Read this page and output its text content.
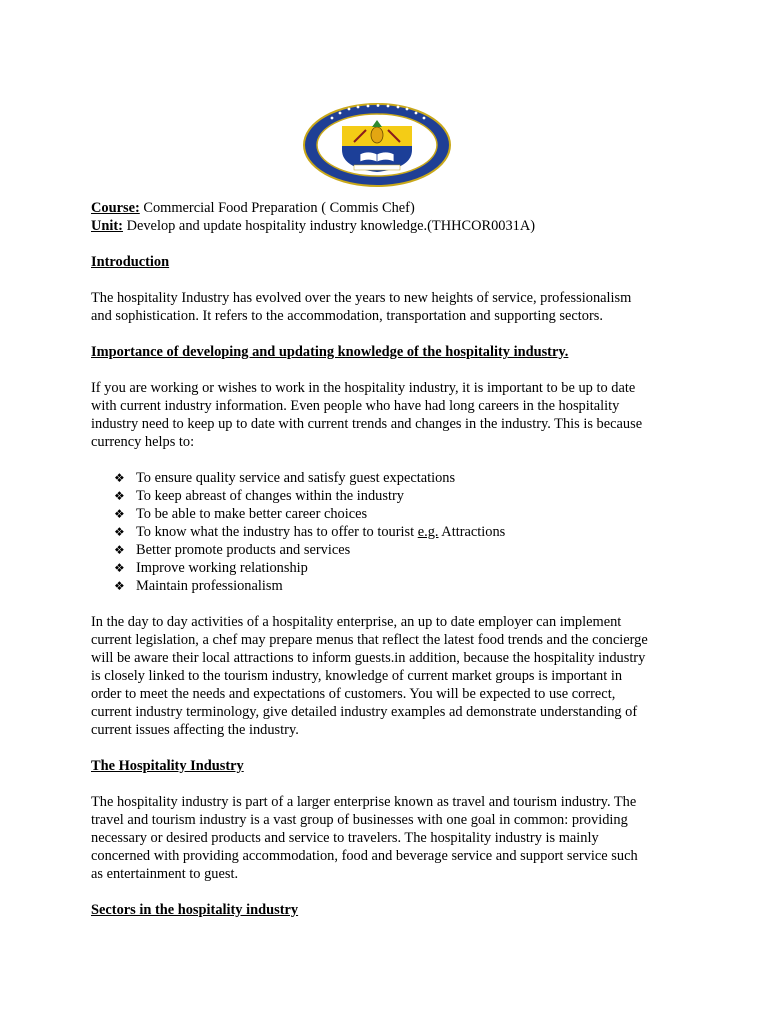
Course: Commercial Food Preparation ( Commis Chef)
Unit: Develop and update hospitality industry knowledge.(THHCOR0031A)
Introduction
The hospitality Industry has evolved over the years to new heights of service, professionalism
and sophistication. It refers to the accommodation, transportation and supporting sectors.
Importance of developing and updating knowledge of the hospitality industry.
If you are working or wishes to work in the hospitality industry, it is important to be up to date
with current industry information. Even people who have had long careers in the hospitality
industry need to keep up to date with current trends and changes in the industry. This is because
currency helps to:
❖ To ensure quality service and satisfy guest expectations
❖ To keep abreast of changes within the industry
❖ To be able to make better career choices
❖ To know what the industry has to offer to tourist e.g. Attractions
❖ Better promote products and services
❖ Improve working relationship
❖ Maintain professionalism
In the day to day activities of a hospitality enterprise, an up to date employer can implement
current legislation, a chef may prepare menus that reflect the latest food trends and the concierge
will be aware their local attractions to inform guests.in addition, because the hospitality industry
is closely linked to the tourism industry, knowledge of current market groups is important in
order to meet the needs and expectations of customers. You will be expected to use correct,
current industry terminology, give detailed industry examples ad demonstrate understanding of
current issues affecting the industry.
The Hospitality Industry
The hospitality industry is part of a larger enterprise known as travel and tourism industry. The
travel and tourism industry is a vast group of businesses with one goal in common: providing
necessary or desired products and service to travelers. The hospitality industry is mainly
concerned with providing accommodation, food and beverage service and support service such
as entertainment to guest.
Sectors in the hospitality industry
